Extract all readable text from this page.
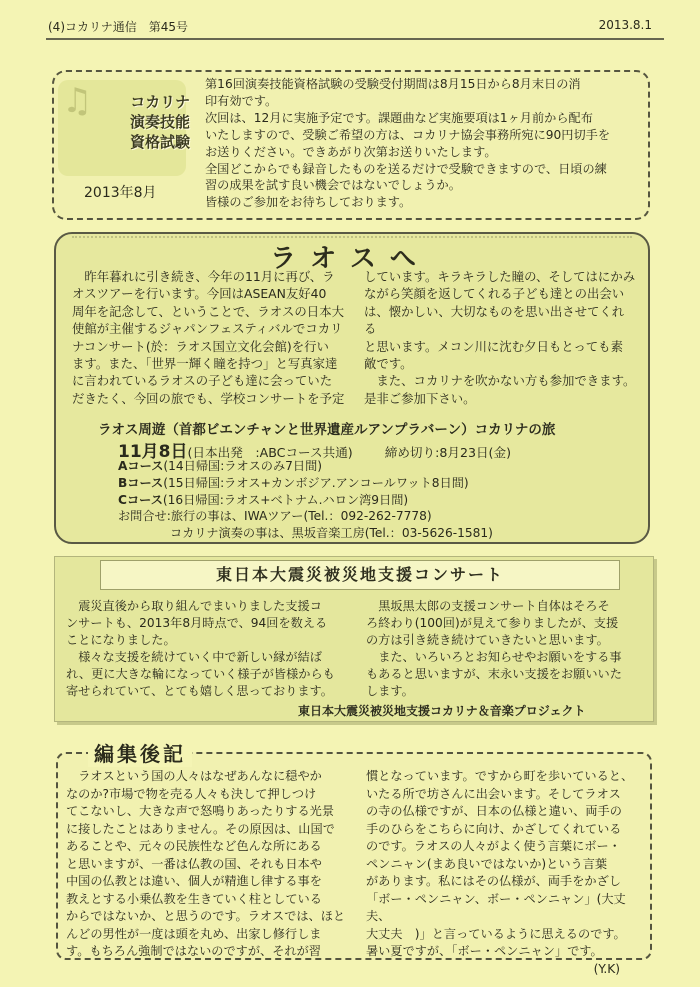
(4)コカリナ通信　第45号	2013.8.1
♫	コカリナ
演奏技能
資格試験
2013年8月
第16回演奏技能資格試験の受験受付期間は8月15日から8月末日の消
印有効です。
次回は、12月に実施予定です。課題曲など実施要項は1ヶ月前から配布
いたしますので、受験ご希望の方は、コカリナ協会事務所宛に90円切手を
お送りください。できあがり次第お送りいたします。
全国どこからでも録音したものを送るだけで受験できますので、日頃の練
習の成果を試す良い機会ではないでしょうか。
皆様のご参加をお待ちしております。
ラオスへ
昨年暮れに引き続き、今年の11月に再び、ラ
オスツアーを行います。今回はASEAN友好40
周年を記念して、ということで、ラオスの日本大
使館が主催するジャパンフェスティバルでコカリ
ナコンサート(於：ラオス国立文化会館)を行い
ます。また、「世界一輝く瞳を持つ」と写真家達
に言われているラオスの子ども達に会っていた
だきたく、今回の旅でも、学校コンサートを予定
しています。キラキラした瞳の、そしてはにかみ
ながら笑顔を返してくれる子ども達との出会い
は、懐かしい、大切なものを思い出させてくれる
と思います。メコン川に沈む夕日もとっても素
敵です。
また、コカリナを吹かない方も参加できます。
是非ご参加下さい。
ラオス周遊（首都ビエンチャンと世界遺産ルアンプラバーン）コカリナの旅
11月8日(日本出発　:ABCコース共通)	締め切り:8月23日(金)
Aコース(14日帰国:ラオスのみ7日間)
Bコース(15日帰国:ラオス+カンボジア.アンコールワット8日間)
Cコース(16日帰国:ラオス+ベトナム.ハロン湾9日間)
お問合せ:旅行の事は、IWAツアー(Tel.：092-262-7778)
コカリナ演奏の事は、黒坂音楽工房(Tel.：03-5626-1581)
東日本大震災被災地支援コンサート
震災直後から取り組んでまいりました支援コ
ンサートも、2013年8月時点で、94回を数える
ことになりました。
様々な支援を続けていく中で新しい縁が結ば
れ、更に大きな輪になっていく様子が皆様からも
寄せられていて、とても嬉しく思っております。
黒坂黒太郎の支援コンサート自体はそろそ
ろ終わり(100回)が見えて参りましたが、支援
の方は引き続き続けていきたいと思います。
また、いろいろとお知らせやお願いをする事
もあると思いますが、末永い支援をお願いいた
します。
東日本大震災被災地支援コカリナ＆音楽プロジェクト
編集後記
ラオスという国の人々はなぜあんなに穏やか
なのか?市場で物を売る人々も決して押しつけ
てこないし、大きな声で怒鳴りあったりする光景
に接したことはありません。その原因は、山国で
あることや、元々の民族性など色んな所にある
と思いますが、一番は仏教の国、それも日本や
中国の仏教とは違い、個人が精進し律する事を
教えとする小乗仏教を生きていく柱としている
からではないか、と思うのです。ラオスでは、ほと
んどの男性が一度は頭を丸め、出家し修行しま
す。もちろん強制ではないのですが、それが習
慣となっています。ですから町を歩いていると、
いたる所で坊さんに出会います。そしてラオス
の寺の仏様ですが、日本の仏様と違い、両手の
手のひらをこちらに向け、かざしてくれている
のです。ラオスの人々がよく使う言葉にボー・
ペンニャン(まあ良いではないか)という言葉
があります。私にはその仏様が、両手をかざし
「ボー・ペンニャン、ボー・ペンニャン」(大丈夫、
大丈夫　)」と言っているように思えるのです。
暑い夏ですが、「ボー・ペンニャン」です。
(Y.K)
